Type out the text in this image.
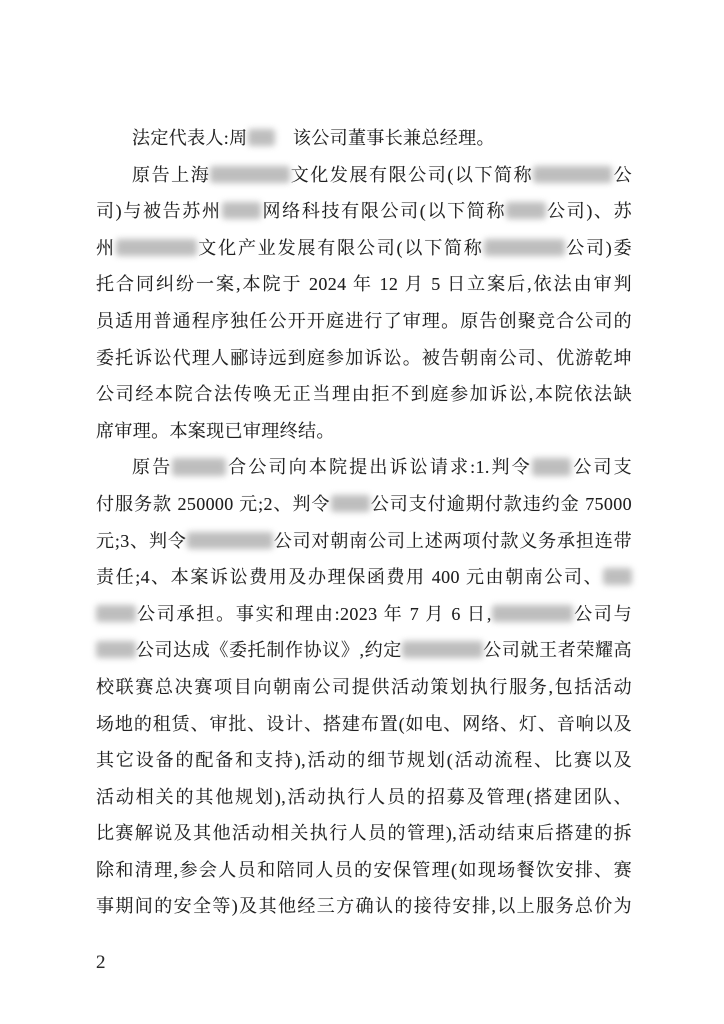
法定代表人:周　该公司董事长兼总经理。
原告上海	文化发展有限公司(以下简称	公
司)与被告苏州 网络科技有限公司(以下简称 公司)、苏
州	文化产业发展有限公司(以下简称	公司)委
托合同纠纷一案,本院于 2024 年 12 月 5 日立案后,依法由审判
员适用普通程序独任公开开庭进行了审理。原告创聚竞合公司的
委托诉讼代理人郦诗远到庭参加诉讼。被告朝南公司、优游乾坤
公司经本院合法传唤无正当理由拒不到庭参加诉讼,本院依法缺
席审理。本案现已审理终结。
原告	合公司向本院提出诉讼请求:1.判令 公司支
付服务款 250000 元;2、判令 公司支付逾期付款违约金 75000
元;3、判令	公司对朝南公司上述两项付款义务承担连带
责任;4、本案诉讼费用及办理保函费用 400 元由朝南公司、
公司承担。事实和理由:2023 年 7 月 6 日,	公司与
公司达成《委托制作协议》,约定	公司就王者荣耀高
校联赛总决赛项目向朝南公司提供活动策划执行服务,包括活动
场地的租赁、审批、设计、搭建布置(如电、网络、灯、音响以及
其它设备的配备和支持),活动的细节规划(活动流程、比赛以及
活动相关的其他规划),活动执行人员的招募及管理(搭建团队、
比赛解说及其他活动相关执行人员的管理),活动结束后搭建的拆
除和清理,参会人员和陪同人员的安保管理(如现场餐饮安排、赛
事期间的安全等)及其他经三方确认的接待安排,以上服务总价为
2
